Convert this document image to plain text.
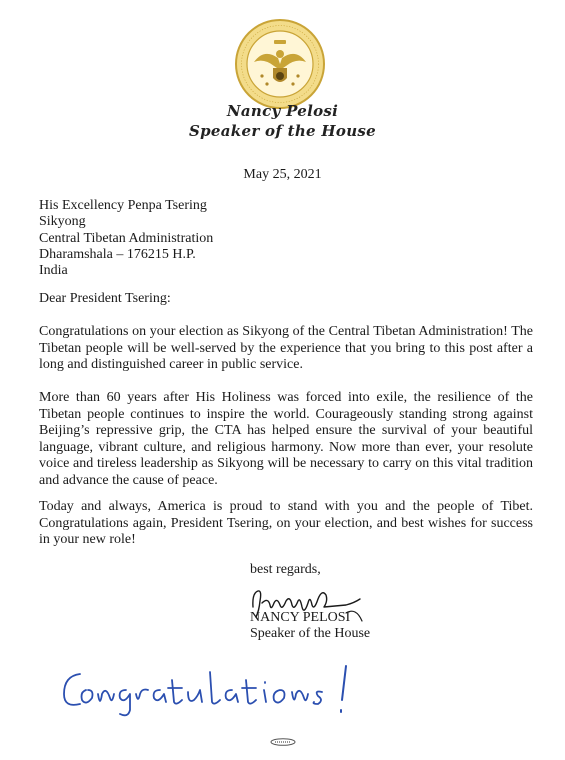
Nancy Pelosi
Speaker of the House
May 25, 2021
His Excellency Penpa Tsering
Sikyong
Central Tibetan Administration
Dharamshala – 176215 H.P.
India
Dear President Tsering:
Congratulations on your election as Sikyong of the Central Tibetan Administration! The Tibetan people will be well-served by the experience that you bring to this post after a long and distinguished career in public service.
More than 60 years after His Holiness was forced into exile, the resilience of the Tibetan people continues to inspire the world. Courageously standing strong against Beijing’s repressive grip, the CTA has helped ensure the survival of your beautiful language, vibrant culture, and religious harmony. Now more than ever, your resolute voice and tireless leadership as Sikyong will be necessary to carry on this vital tradition and advance the cause of peace.
Today and always, America is proud to stand with you and the people of Tibet. Congratulations again, President Tsering, on your election, and best wishes for success in your new role!
best regards,
NANCY PELOSI
Speaker of the House
